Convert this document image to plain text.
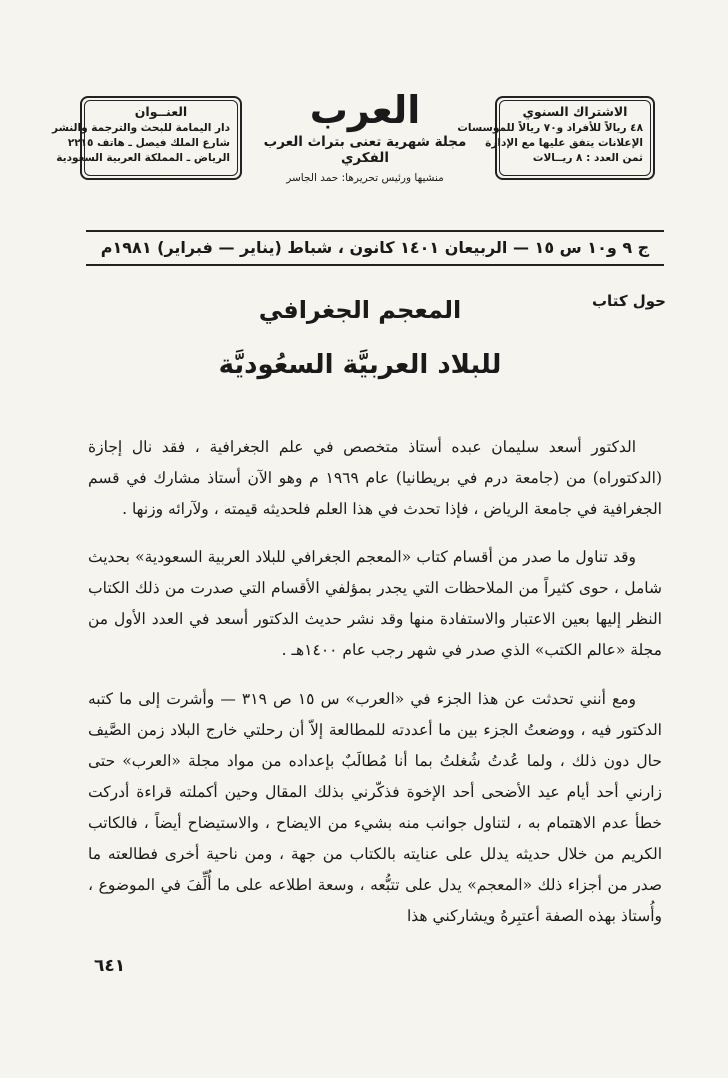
العنــوان
دار اليمامة للبحث والترجمة والنشر
شارع الملك فيصل ـ هاتف ٢٢١٥
الرياض ـ المملكة العربية السعودية
العرب
مجلة شهرية تعنى بتراث العرب الفكري
منشيها ورئيس تحريرها: حمد الجاسر
الاشتراك السنوي
٤٨ ريالاً للأفراد و٧٠ ريالاً للمؤسسات
الإعلانات يتفق عليها مع الإدارة
ثمن العدد : ٨ ريــالات
ج ٩ و١٠ س ١٥ — الربيعان ١٤٠١ كانون ، شباط (يناير — فبراير) ١٩٨١م
حول كتاب
المعجم الجغرافي
للبلاد العربيَّة السعُوديَّة

الدكتور أسعد سليمان عبده أستاذ متخصص في علم الجغرافية ، فقد نال إجازة (الدكتوراه) من (جامعة درم في بريطانيا) عام ١٩٦٩ م وهو الآن أستاذ مشارك في قسم الجغرافية في جامعة الرياض ، فإذا تحدث في هذا العلم فلحديثه قيمته ، ولآرائه وزنها .

وقد تناول ما صدر من أقسام كتاب «المعجم الجغرافي للبلاد العربية السعودية» بحديث شامل ، حوى كثيراً من الملاحظات التي يجدر بمؤلفي الأقسام التي صدرت من ذلك الكتاب النظر إليها بعين الاعتبار والاستفادة منها وقد نشر حديث الدكتور أسعد في العدد الأول من مجلة «عالم الكتب» الذي صدر في شهر رجب عام ١٤٠٠هـ .

ومع أنني تحدثت عن هذا الجزء في «العرب» س ١٥ ص ٣١٩ — وأشرت إلى ما كتبه الدكتور فيه ، ووضعتُ الجزء بين ما أعددته للمطالعة إلاّ أن رحلتي خارج البلاد زمن الصَّيف حال دون ذلك ، ولما عُدتُ شُغلتُ بما أنا مُطالَبٌ بإعداده من مواد مجلة «العرب» حتى زارني أحد أيام عيد الأضحى أحد الإخوة فذكّرني بذلك المقال وحين أكملته قراءة أدركت خطأ عدم الاهتمام به ، لتناول جوانب منه بشيء من الايضاح ، والاستيضاح أيضاً ، فالكاتب الكريم من خلال حديثه يدلل على عنايته بالكتاب من جهة ، ومن ناحية أخرى فطالعته ما صدر من أجزاء ذلك «المعجم» يدل على تتبُّعه ، وسعة اطلاعه على ما أُلِّفَ في الموضوع ، وأُستاذ بهذه الصفة أعتبِرهُ ويشاركني هذا

٦٤١
